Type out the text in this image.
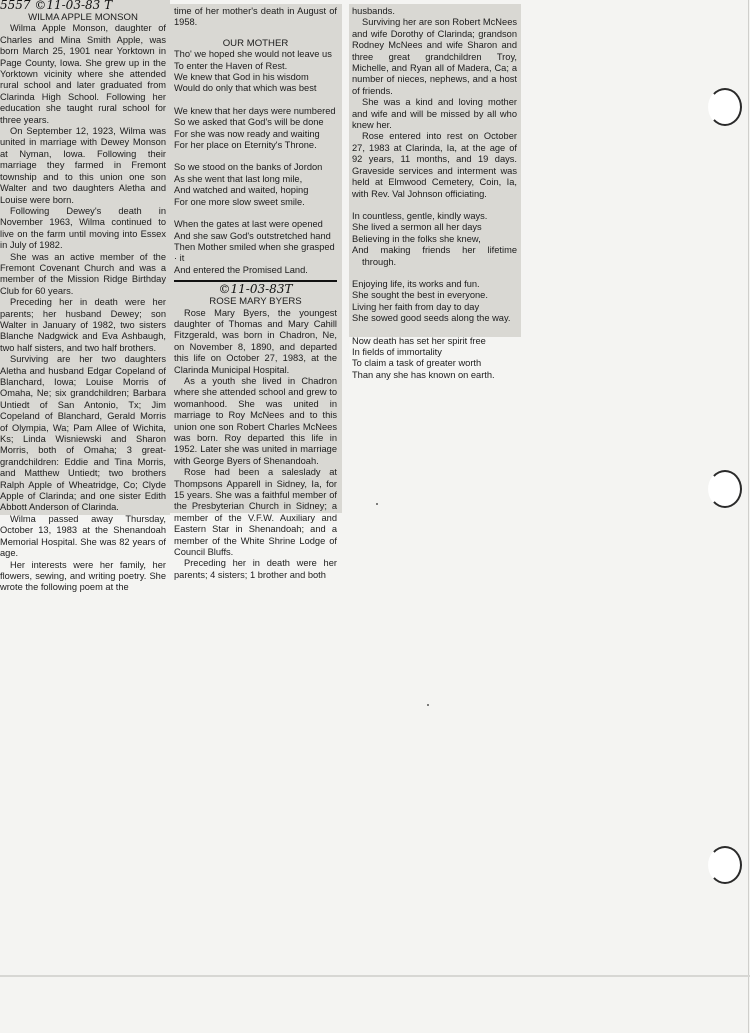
5557 ©11-03-83 T

WILMA APPLE MONSON

Wilma Apple Monson, daughter of Charles and Mina Smith Apple, was born March 25, 1901 near Yorktown in Page County, Iowa. She grew up in the Yorktown vicinity where she attended rural school and later graduated from Clarinda High School. Following her education she taught rural school for three years.

On September 12, 1923, Wilma was united in marriage with Dewey Monson at Nyman, Iowa. Following their marriage they farmed in Fremont township and to this union one son Walter and two daughters Aletha and Louise were born.

Following Dewey's death in November 1963, Wilma continued to live on the farm until moving into Essex in July of 1982.

She was an active member of the Fremont Covenant Church and was a member of the Mission Ridge Birthday Club for 60 years.

Preceding her in death were her parents; her husband Dewey; son Walter in January of 1982, two sisters Blanche Nadgwick and Eva Ashbaugh, two half sisters, and two half brothers.

Surviving are her two daughters Aletha and husband Edgar Copeland of Blanchard, Iowa; Louise Morris of Omaha, Ne; six grandchildren; Barbara Untiedt of San Antonio, Tx; Jim Copeland of Blanchard, Gerald Morris of Olympia, Wa; Pam Allee of Wichita, Ks; Linda Wisniewski and Sharon Morris, both of Omaha; 3 great-grandchildren: Eddie and Tina Morris, and Matthew Untiedt; two brothers Ralph Apple of Wheatridge, Co; Clyde Apple of Clarinda; and one sister Edith Abbott Anderson of Clarinda.

Wilma passed away Thursday, October 13, 1983 at the Shenandoah Memorial Hospital. She was 82 years of age.

Her interests were her family, her flowers, sewing, and writing poetry. She wrote the following poem at the

time of her mother's death in August of 1958.

OUR MOTHER

Tho' we hoped she would not leave us

To enter the Haven of Rest.

We knew that God in his wisdom

Would do only that which was best

We knew that her days were numbered

So we asked that God's will be done

For she was now ready and waiting

For her place on Eternity's Throne.

So we stood on the banks of Jordon

As she went that last long mile,

And watched and waited, hoping

For one more slow sweet smile.

When the gates at last were opened

And she saw God's outstretched hand

Then Mother smiled when she grasped

· it

And entered the Promised Land.

©11-03-83T

ROSE MARY BYERS

Rose Mary Byers, the youngest daughter of Thomas and Mary Cahill Fitzgerald, was born in Chadron, Ne, on November 8, 1890, and departed this life on October 27, 1983, at the Clarinda Municipal Hospital.

As a youth she lived in Chadron where she attended school and grew to womanhood. She was united in marriage to Roy McNees and to this union one son Robert Charles McNees was born. Roy departed this life in 1952. Later she was united in marriage with George Byers of Shenandoah.

Rose had been a saleslady at Thompsons Apparell in Sidney, Ia, for 15 years. She was a faithful member of the Presbyterian Church in Sidney; a member of the V.F.W. Auxiliary and Eastern Star in Shenandoah; and a member of the White Shrine Lodge of Council Bluffs.

Preceding her in death were her parents; 4 sisters; 1 brother and both

husbands.

Surviving her are son Robert McNees and wife Dorothy of Clarinda; grandson Rodney McNees and wife Sharon and three great grandchildren Troy, Michelle, and Ryan all of Madera, Ca; a number of nieces, nephews, and a host of friends.

She was a kind and loving mother and wife and will be missed by all who knew her.

Rose entered into rest on October 27, 1983 at Clarinda, Ia, at the age of 92 years, 11 months, and 19 days. Graveside services and interment was held at Elmwood Cemetery, Coin, Ia, with Rev. Val Johnson officiating.

In countless, gentle, kindly ways.

She lived a sermon all her days

Believing in the folks she knew,

And making friends her lifetime

through.

Enjoying life, its works and fun.

She sought the best in everyone.

Living her faith from day to day

She sowed good seeds along the way.

Now death has set her spirit free

In fields of immortality

To claim a task of greater worth

Than any she has known on earth.
